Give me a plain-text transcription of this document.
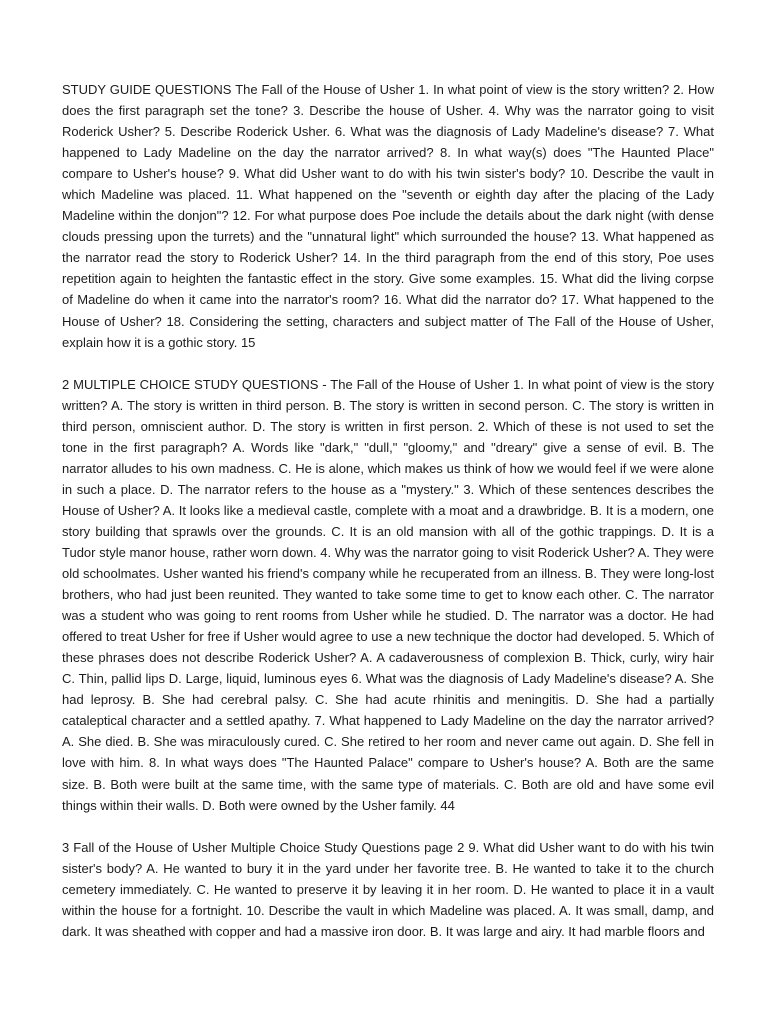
STUDY GUIDE QUESTIONS The Fall of the House of Usher 1. In what point of view is the story written? 2. How does the first paragraph set the tone? 3. Describe the house of Usher. 4. Why was the narrator going to visit Roderick Usher? 5. Describe Roderick Usher. 6. What was the diagnosis of Lady Madeline's disease? 7. What happened to Lady Madeline on the day the narrator arrived? 8. In what way(s) does "The Haunted Place" compare to Usher's house? 9. What did Usher want to do with his twin sister's body? 10. Describe the vault in which Madeline was placed. 11. What happened on the "seventh or eighth day after the placing of the Lady Madeline within the donjon"? 12. For what purpose does Poe include the details about the dark night (with dense clouds pressing upon the turrets) and the "unnatural light" which surrounded the house? 13. What happened as the narrator read the story to Roderick Usher? 14. In the third paragraph from the end of this story, Poe uses repetition again to heighten the fantastic effect in the story. Give some examples. 15. What did the living corpse of Madeline do when it came into the narrator's room? 16. What did the narrator do? 17. What happened to the House of Usher? 18. Considering the setting, characters and subject matter of The Fall of the House of Usher, explain how it is a gothic story. 15

2 MULTIPLE CHOICE STUDY QUESTIONS - The Fall of the House of Usher 1. In what point of view is the story written? A. The story is written in third person. B. The story is written in second person. C. The story is written in third person, omniscient author. D. The story is written in first person. 2. Which of these is not used to set the tone in the first paragraph? A. Words like "dark," "dull," "gloomy," and "dreary" give a sense of evil. B. The narrator alludes to his own madness. C. He is alone, which makes us think of how we would feel if we were alone in such a place. D. The narrator refers to the house as a "mystery." 3. Which of these sentences describes the House of Usher? A. It looks like a medieval castle, complete with a moat and a drawbridge. B. It is a modern, one story building that sprawls over the grounds. C. It is an old mansion with all of the gothic trappings. D. It is a Tudor style manor house, rather worn down. 4. Why was the narrator going to visit Roderick Usher? A. They were old schoolmates. Usher wanted his friend's company while he recuperated from an illness. B. They were long-lost brothers, who had just been reunited. They wanted to take some time to get to know each other. C. The narrator was a student who was going to rent rooms from Usher while he studied. D. The narrator was a doctor. He had offered to treat Usher for free if Usher would agree to use a new technique the doctor had developed. 5. Which of these phrases does not describe Roderick Usher? A. A cadaverousness of complexion B. Thick, curly, wiry hair C. Thin, pallid lips D. Large, liquid, luminous eyes 6. What was the diagnosis of Lady Madeline's disease? A. She had leprosy. B. She had cerebral palsy. C. She had acute rhinitis and meningitis. D. She had a partially cataleptical character and a settled apathy. 7. What happened to Lady Madeline on the day the narrator arrived? A. She died. B. She was miraculously cured. C. She retired to her room and never came out again. D. She fell in love with him. 8. In what ways does "The Haunted Palace" compare to Usher's house? A. Both are the same size. B. Both were built at the same time, with the same type of materials. C. Both are old and have some evil things within their walls. D. Both were owned by the Usher family. 44

3 Fall of the House of Usher Multiple Choice Study Questions page 2 9. What did Usher want to do with his twin sister's body? A. He wanted to bury it in the yard under her favorite tree. B. He wanted to take it to the church cemetery immediately. C. He wanted to preserve it by leaving it in her room. D. He wanted to place it in a vault within the house for a fortnight. 10. Describe the vault in which Madeline was placed. A. It was small, damp, and dark. It was sheathed with copper and had a massive iron door. B. It was large and airy. It had marble floors and
